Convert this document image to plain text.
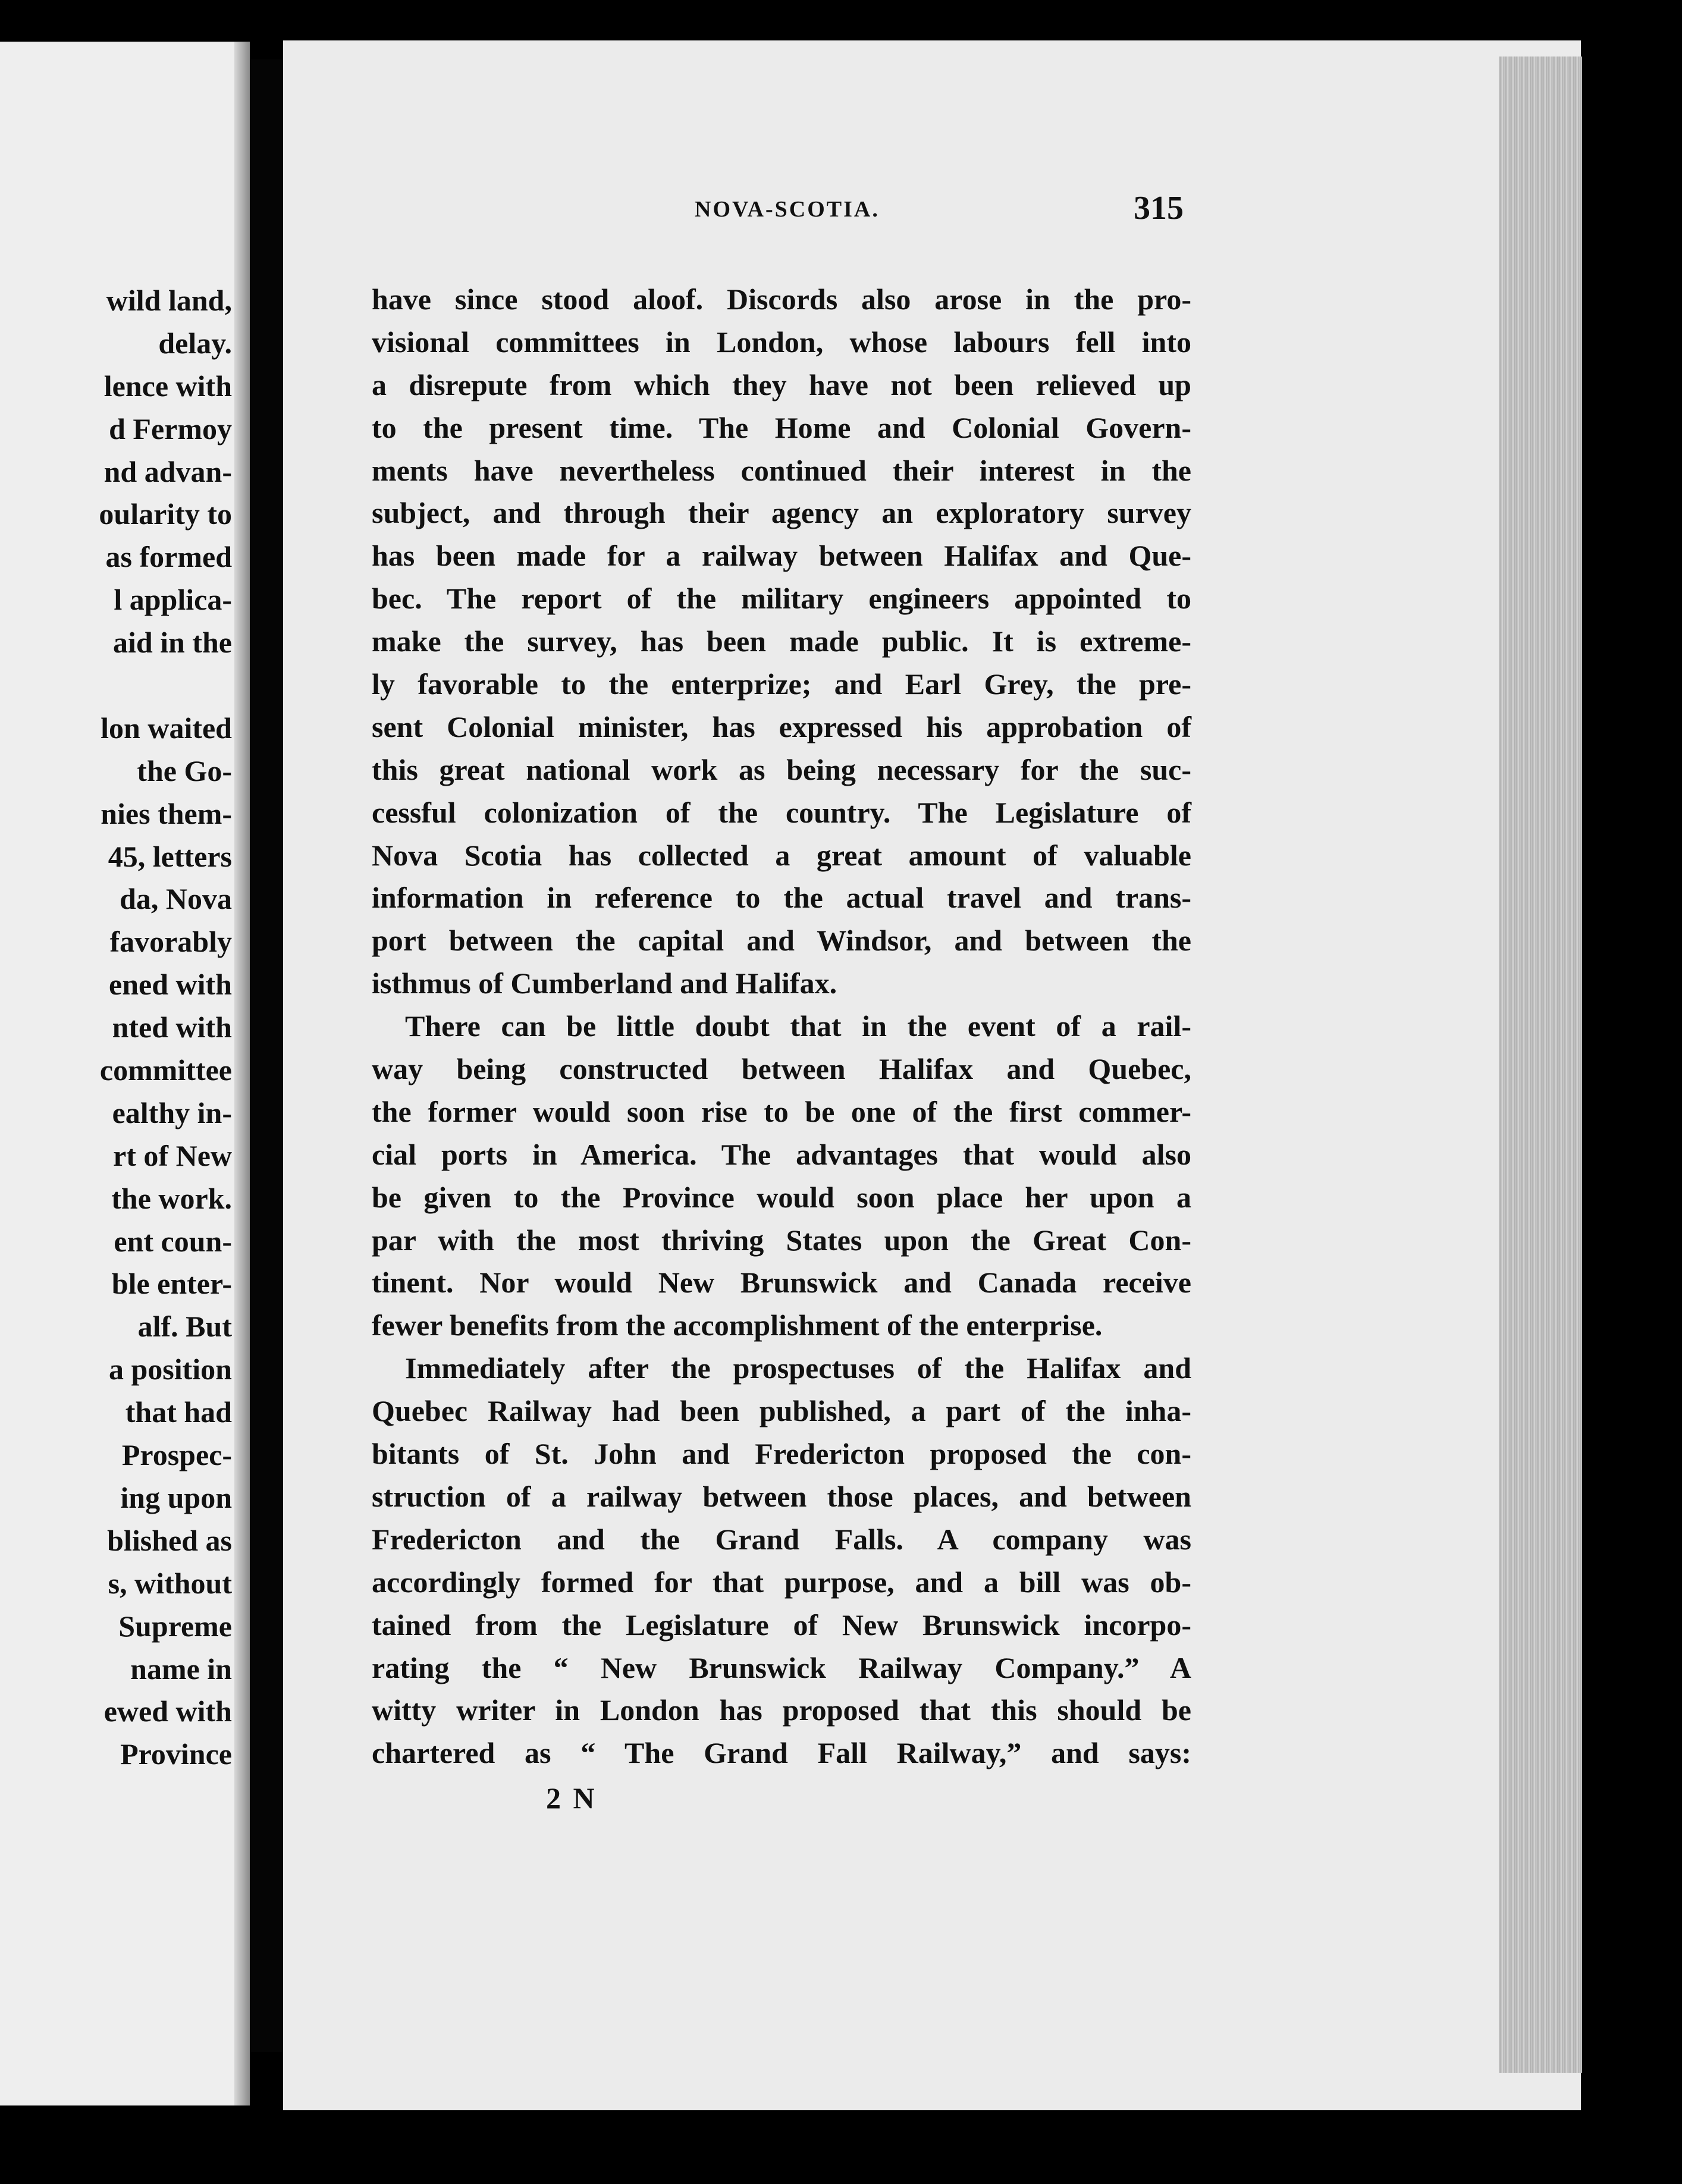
wild land,
delay.
lence with
d Fermoy
nd advan-
oularity to
as formed
l applica-
aid in the
lon waited
the Go-
nies them-
45, letters
da, Nova
favorably
ened with
nted with
committee
ealthy in-
rt of New
the work.
ent coun-
ble enter-
alf. But
a position
that had
Prospec-
ing upon
blished as
s, without
Supreme
name in
ewed with
Province
NOVA-SCOTIA.	315

have since stood aloof. Discords also arose in the pro-
visional committees in London, whose labours fell into
a disrepute from which they have not been relieved up
to the present time. The Home and Colonial Govern-
ments have nevertheless continued their interest in the
subject, and through their agency an exploratory survey
has been made for a railway between Halifax and Que-
bec. The report of the military engineers appointed to
make the survey, has been made public. It is extreme-
ly favorable to the enterprize; and Earl Grey, the pre-
sent Colonial minister, has expressed his approbation of
this great national work as being necessary for the suc-
cessful colonization of the country. The Legislature of
Nova Scotia has collected a great amount of valuable
information in reference to the actual travel and trans-
port between the capital and Windsor, and between the
isthmus of Cumberland and Halifax.

There can be little doubt that in the event of a rail-
way being constructed between Halifax and Quebec,
the former would soon rise to be one of the first commer-
cial ports in America. The advantages that would also
be given to the Province would soon place her upon a
par with the most thriving States upon the Great Con-
tinent. Nor would New Brunswick and Canada receive
fewer benefits from the accomplishment of the enterprise.

Immediately after the prospectuses of the Halifax and
Quebec Railway had been published, a part of the inha-
bitants of St. John and Fredericton proposed the con-
struction of a railway between those places, and between
Fredericton and the Grand Falls. A company was
accordingly formed for that purpose, and a bill was ob-
tained from the Legislature of New Brunswick incorpo-
rating the “ New Brunswick Railway Company.” A
witty writer in London has proposed that this should be
chartered as “ The Grand Fall Railway,” and says:

2 N
